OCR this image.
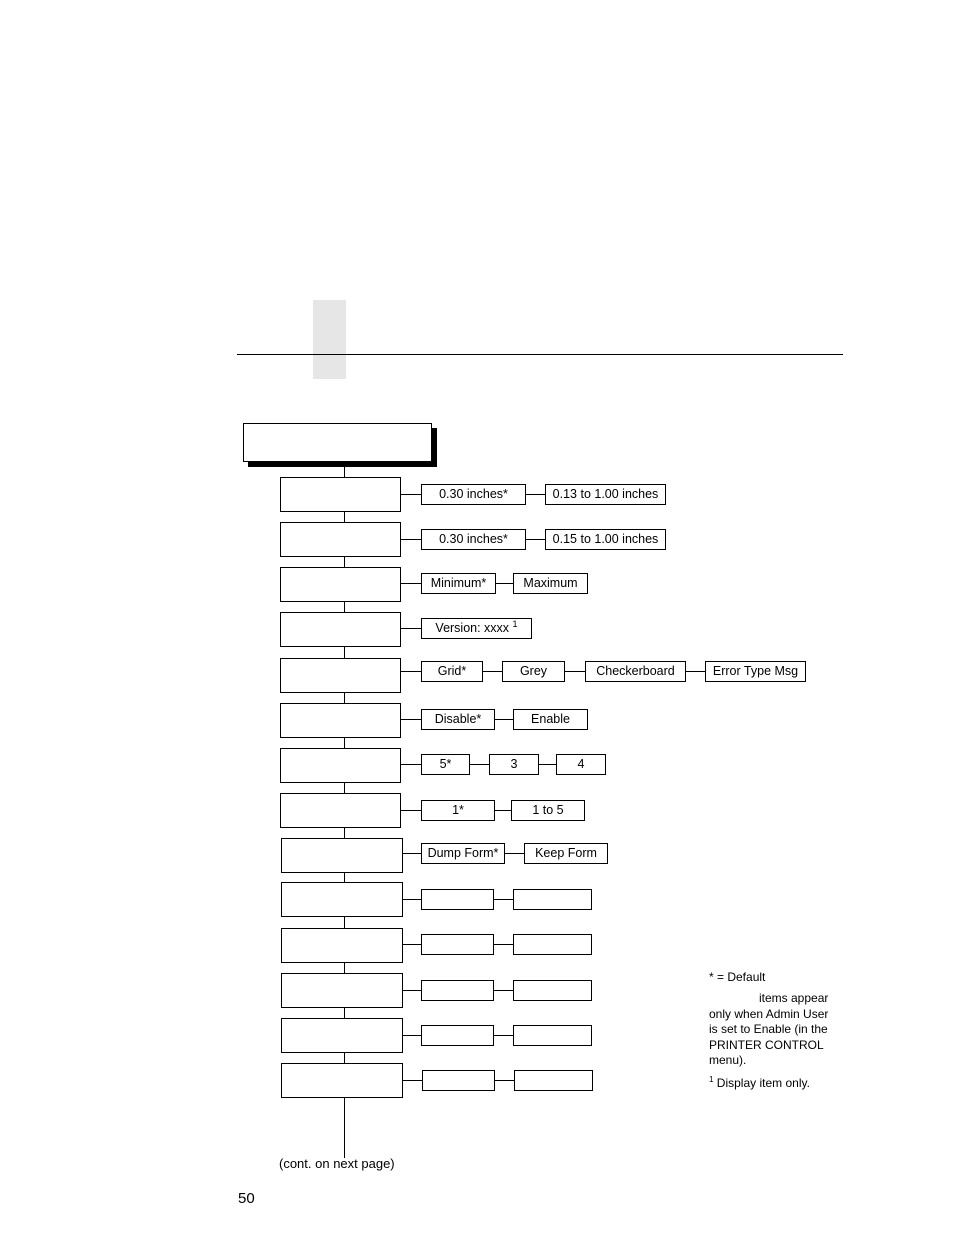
0.30 inches*	0.13 to 1.00 inches
0.30 inches*	0.15 to 1.00 inches
Minimum*	Maximum
Version: xxxx $^1$
Grid*	Grey	Checkerboard	Error Type Msg
Disable*	Enable
5*	3	4
1*	1 to 5
Dump Form*	Keep Form
* = Default
items appear only when Admin User is set to Enable (in the PRINTER CONTROL menu).
$^1$ Display item only.
(cont. on next page)
50
